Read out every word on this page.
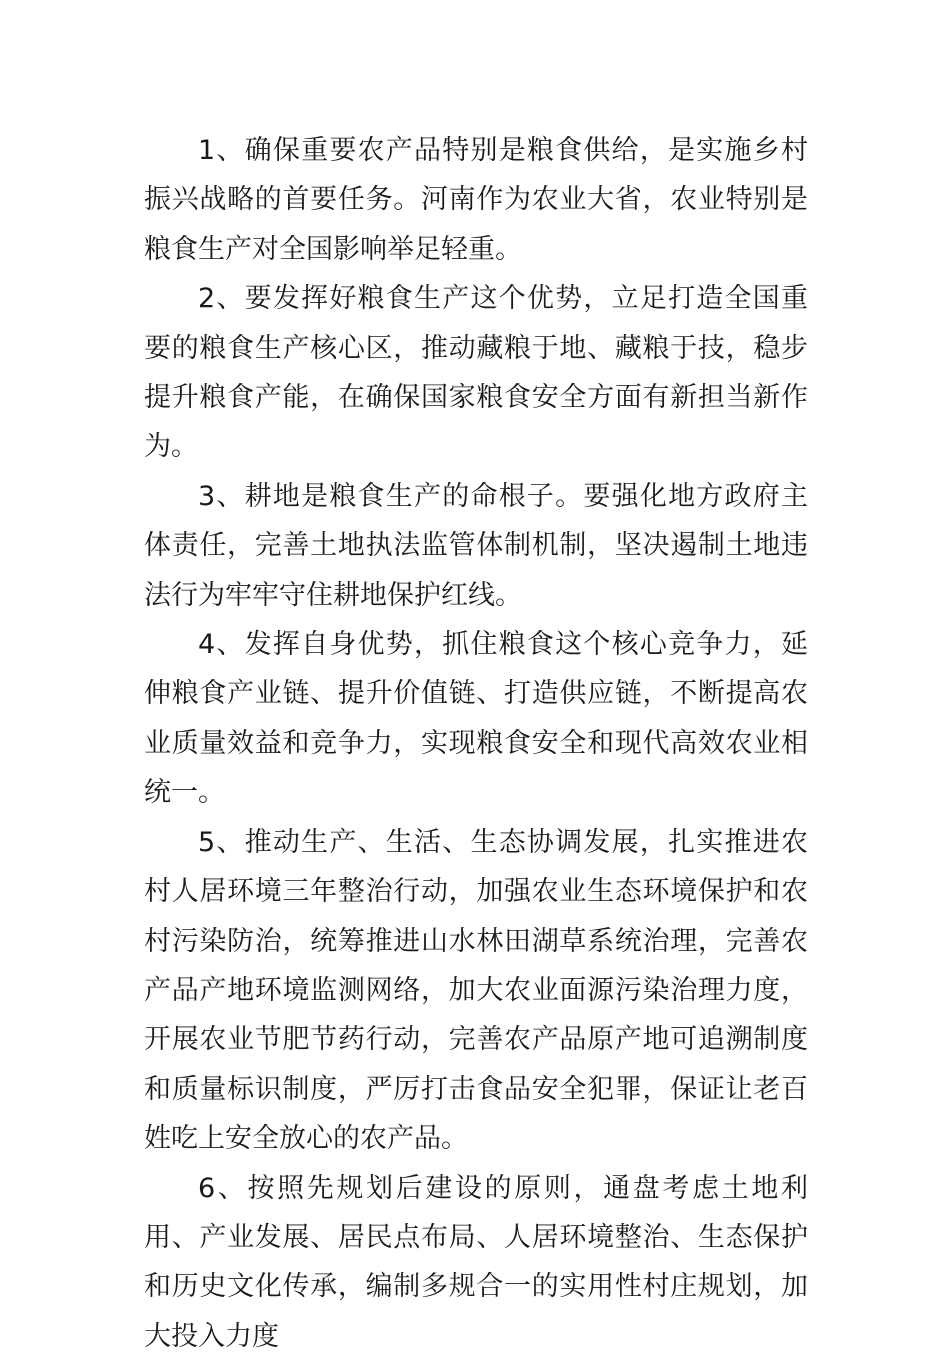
1、确保重要农产品特别是粮食供给，是实施乡村振兴战略的首要任务。河南作为农业大省，农业特别是粮食生产对全国影响举足轻重。

2、要发挥好粮食生产这个优势，立足打造全国重要的粮食生产核心区，推动藏粮于地、藏粮于技，稳步提升粮食产能，在确保国家粮食安全方面有新担当新作为。

3、耕地是粮食生产的命根子。要强化地方政府主体责任，完善土地执法监管体制机制，坚决遏制土地违法行为牢牢守住耕地保护红线。

4、发挥自身优势，抓住粮食这个核心竞争力，延伸粮食产业链、提升价值链、打造供应链，不断提高农业质量效益和竞争力，实现粮食安全和现代高效农业相统一。

5、推动生产、生活、生态协调发展，扎实推进农村人居环境三年整治行动，加强农业生态环境保护和农村污染防治，统筹推进山水林田湖草系统治理，完善农产品产地环境监测网络，加大农业面源污染治理力度，开展农业节肥节药行动，完善农产品原产地可追溯制度和质量标识制度，严厉打击食品安全犯罪，保证让老百姓吃上安全放心的农产品。

6、按照先规划后建设的原则，通盘考虑土地利用、产业发展、居民点布局、人居环境整治、生态保护和历史文化传承，编制多规合一的实用性村庄规划，加大投入力度
